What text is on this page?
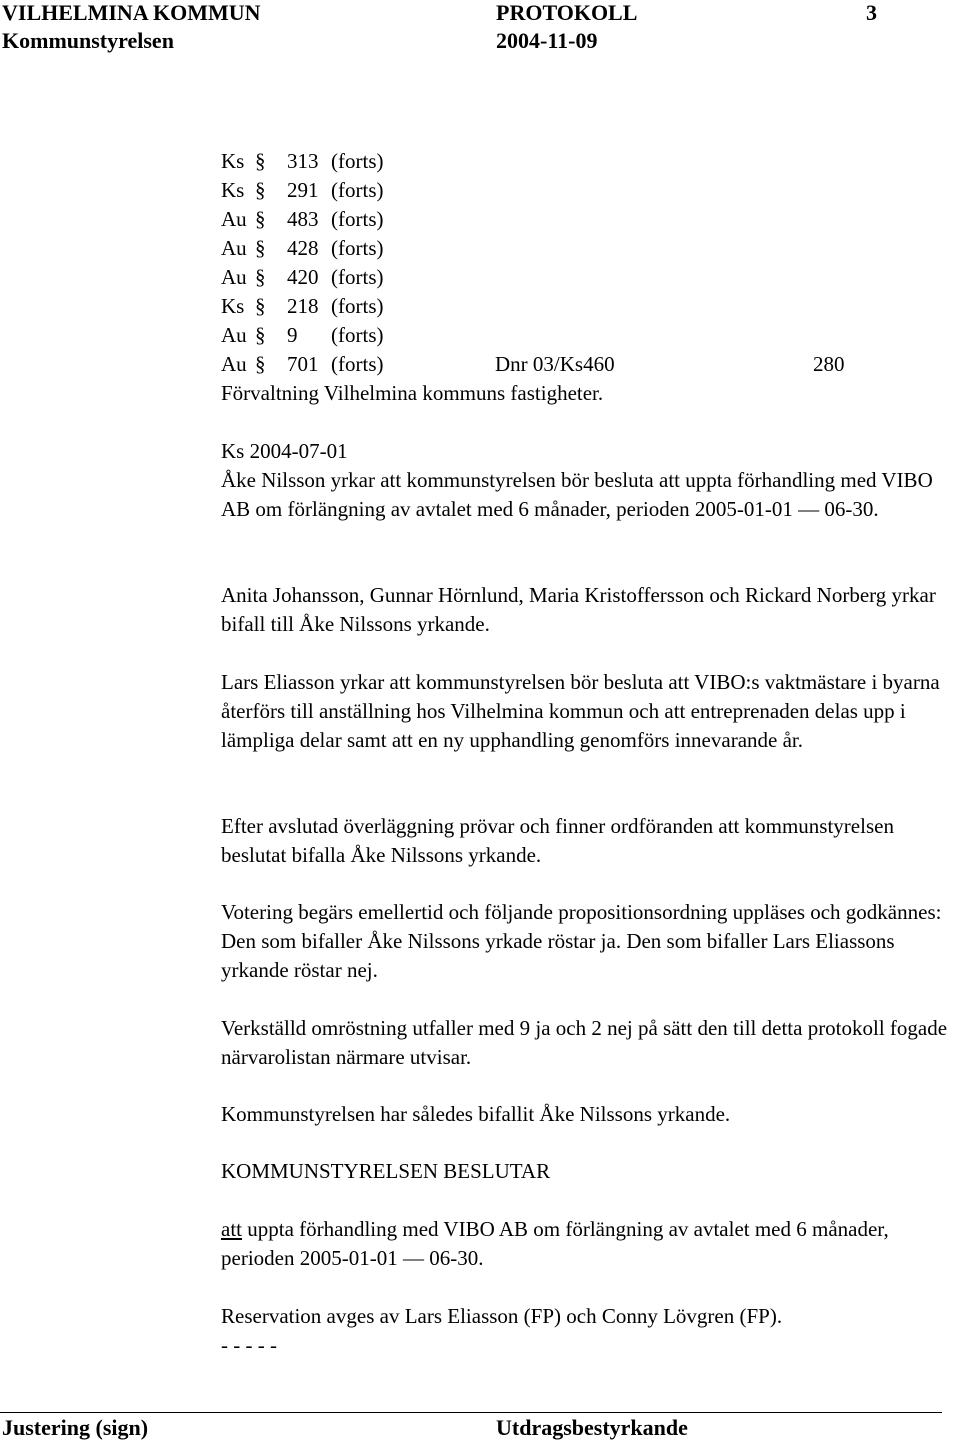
VILHELMINA KOMMUN	PROTOKOLL	3
Kommunstyrelsen	2004-11-09
Ks § 313 (forts)
Ks § 291 (forts)
Au § 483 (forts)
Au § 428 (forts)
Au § 420 (forts)
Ks § 218 (forts)
Au § 9 (forts)
Au § 701 (forts)	Dnr 03/Ks460	280

Förvaltning Vilhelmina kommuns fastigheter.

Ks 2004-07-01

Åke Nilsson yrkar att kommunstyrelsen bör besluta att uppta förhandling med VIBO AB om förlängning av avtalet med 6 månader, perioden 2005-01-01 — 06-30.

Anita Johansson, Gunnar Hörnlund, Maria Kristoffersson och Rickard Norberg yrkar bifall till Åke Nilssons yrkande.

Lars Eliasson yrkar att kommunstyrelsen bör besluta att VIBO:s vaktmästare i byarna återförs till anställning hos Vilhelmina kommun och att entreprenaden delas upp i lämpliga delar samt att en ny upphandling genomförs innevarande år.

Efter avslutad överläggning prövar och finner ordföranden att kommunstyrelsen beslutat bifalla Åke Nilssons yrkande.

Votering begärs emellertid och följande propositionsordning uppläses och godkännes: Den som bifaller Åke Nilssons yrkade röstar ja. Den som bifaller Lars Eliassons yrkande röstar nej.

Verkställd omröstning utfaller med 9 ja och 2 nej på sätt den till detta protokoll fogade närvarolistan närmare utvisar.

Kommunstyrelsen har således bifallit Åke Nilssons yrkande.

KOMMUNSTYRELSEN BESLUTAR

att uppta förhandling med VIBO AB om förlängning av avtalet med 6 månader, perioden 2005-01-01 — 06-30.

Reservation avges av Lars Eliasson (FP) och Conny Lövgren (FP).

- - - - -

Justering (sign)	Utdragsbestyrkande
